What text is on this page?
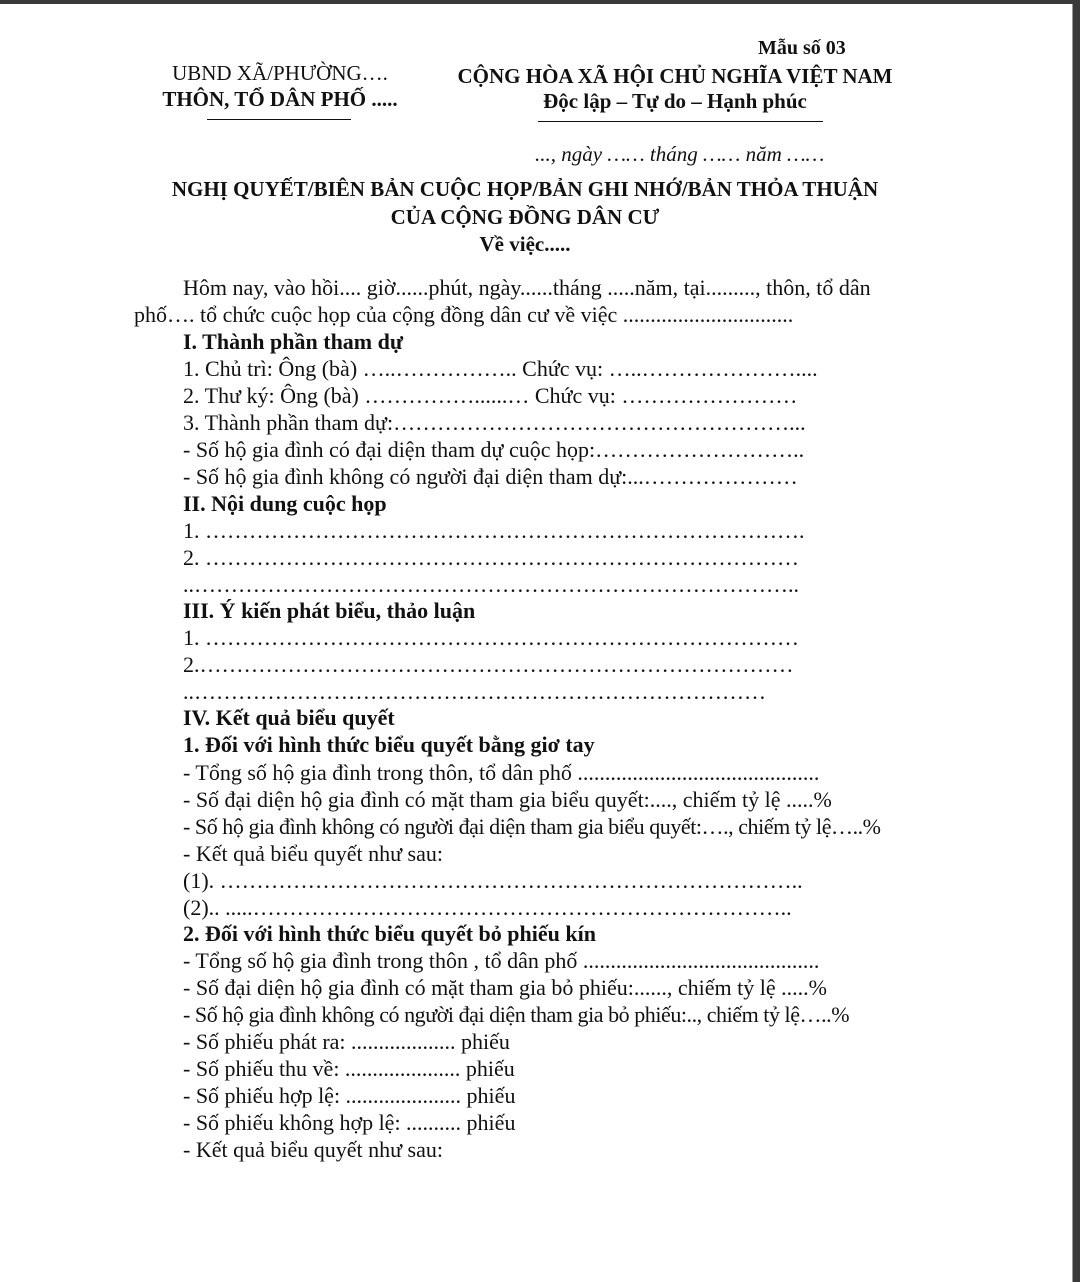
Mẫu số 03
UBND XÃ/PHƯỜNG….
THÔN, TỔ DÂN PHỐ .....
CỘNG HÒA XÃ HỘI CHỦ NGHĨA VIỆT NAM
Độc lập – Tự do – Hạnh phúc
..., ngày …… tháng …… năm ……
NGHỊ QUYẾT/BIÊN BẢN CUỘC HỌP/BẢN GHI NHỚ/BẢN THỎA THUẬN
CỦA CỘNG ĐỒNG DÂN CƯ
Về việc.....
Hôm nay, vào hồi.... giờ......phút, ngày......tháng .....năm, tại........., thôn, tổ dân
phố…. tổ chức cuộc họp của cộng đồng dân cư về việc ...............................
I. Thành phần tham dự
1. Chủ trì: Ông (bà) …..…………….. Chức vụ: …..…………………....
2. Thư ký: Ông (bà) ……………......… Chức vụ: ……………………
3. Thành phần tham dự:………………………………………………...
- Số hộ gia đình có đại diện tham dự cuộc họp:………………………..
- Số hộ gia đình không có người đại diện tham dự:...…………………
II. Nội dung cuộc họp
1. ……………………………………………………………………….
2. ………………………………………………………………………
..………………………………………………………………………..
III. Ý kiến phát biểu, thảo luận
1. ………………………………………………………………………
2.………………………………………………………………………
..……………………………………………………………………
IV. Kết quả biểu quyết
1. Đối với hình thức biểu quyết bằng giơ tay
- Tổng số hộ gia đình trong thôn, tổ dân phố ............................................
- Số đại diện hộ gia đình có mặt tham gia biểu quyết:...., chiếm tỷ lệ .....%
- Số hộ gia đình không có người đại diện tham gia biểu quyết:…., chiếm tỷ lệ…..%
- Kết quả biểu quyết như sau:
(1). ……………………………………………………………………..
(2).. .....………………………………………………………………..
2. Đối với hình thức biểu quyết bỏ phiếu kín
- Tổng số hộ gia đình trong thôn , tổ dân phố ...........................................
- Số đại diện hộ gia đình có mặt tham gia bỏ phiếu:......, chiếm tỷ lệ .....%
- Số hộ gia đình không có người đại diện tham gia bỏ phiếu:.., chiếm tỷ lệ…..%
- Số phiếu phát ra: ................... phiếu
- Số phiếu thu về: ..................... phiếu
- Số phiếu hợp lệ: ..................... phiếu
- Số phiếu không hợp lệ: .......... phiếu
- Kết quả biểu quyết như sau:
